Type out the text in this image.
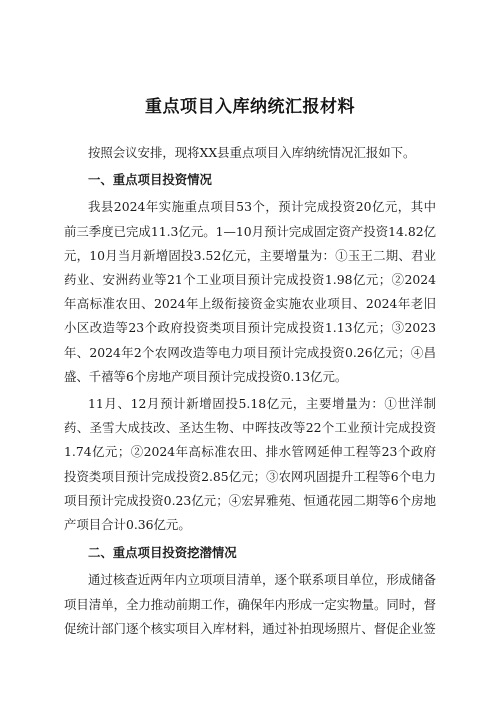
重点项目入库纳统汇报材料

按照会议安排，现将XX县重点项目入库纳统情况汇报如下。

一、重点项目投资情况

我县2024年实施重点项目53个，预计完成投资20亿元，其中前三季度已完成11.3亿元。1—10月预计完成固定资产投资14.82亿元，10月当月新增固投3.52亿元，主要增量为：①玉王二期、君业药业、安洲药业等21个工业项目预计完成投资1.98亿元；②2024年高标准农田、2024年上级衔接资金实施农业项目、2024年老旧小区改造等23个政府投资类项目预计完成投资1.13亿元；③2023年、2024年2个农网改造等电力项目预计完成投资0.26亿元；④昌盛、千禧等6个房地产项目预计完成投资0.13亿元。

11月、12月预计新增固投5.18亿元，主要增量为：①世洋制药、圣雪大成技改、圣达生物、中晖技改等22个工业预计完成投资1.74亿元；②2024年高标准农田、排水管网延伸工程等23个政府投资类项目预计完成投资2.85亿元；③农网巩固提升工程等6个电力项目预计完成投资0.23亿元；④宏昇雅苑、恒通花园二期等6个房地产项目合计0.36亿元。

二、重点项目投资挖潜情况

通过核查近两年内立项项目清单，逐个联系项目单位，形成储备项目清单，全力推动前期工作，确保年内形成一定实物量。同时，督促统计部门逐个核实项目入库材料，通过补拍现场照片、督促企业签
